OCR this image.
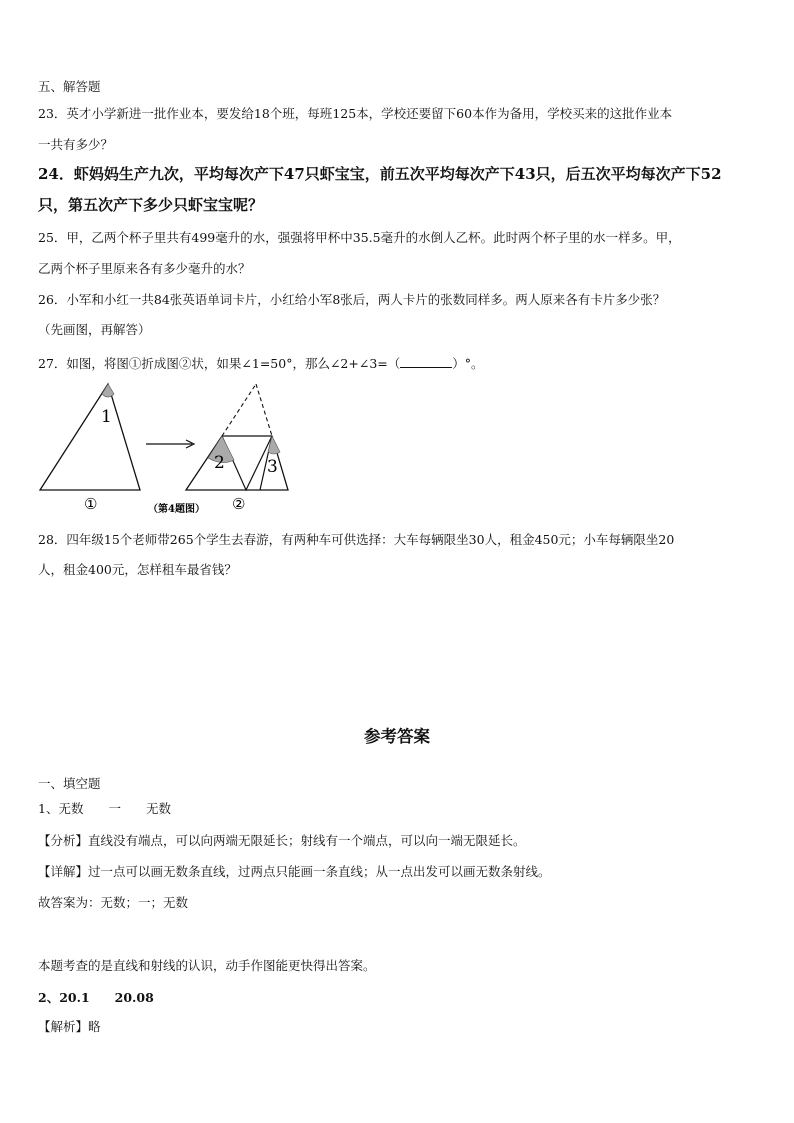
五、解答题
23．英才小学新进一批作业本，要发给18个班，每班125本，学校还要留下60本作为备用，学校买来的这批作业本
一共有多少？
24．虾妈妈生产九次，平均每次产下47只虾宝宝，前五次平均每次产下43只，后五次平均每次产下52
只，第五次产下多少只虾宝宝呢？
25．甲，乙两个杯子里共有499毫升的水，强强将甲杯中35.5毫升的水倒人乙杯。此时两个杯子里的水一样多。甲，
乙两个杯子里原来各有多少毫升的水？
26．小军和小红一共84张英语单词卡片，小红给小军8张后，两人卡片的张数同样多。两人原来各有卡片多少张？
（先画图，再解答）
27．如图，将图①折成图②状，如果∠1=50°，那么∠2+∠3=（	）°。
1
①
2 3
②
（第4题图）
28．四年级15个老师带265个学生去春游，有两种车可供选择：大车每辆限坐30人，租金450元；小车每辆限坐20
人，租金400元，怎样租车最省钱？
参考答案
一、填空题
1、无数　　一　　无数
【分析】直线没有端点，可以向两端无限延长；射线有一个端点，可以向一端无限延长。
【详解】过一点可以画无数条直线，过两点只能画一条直线；从一点出发可以画无数条射线。
故答案为：无数；一；无数
本题考查的是直线和射线的认识，动手作图能更快得出答案。
2、20.1　　20.08
【解析】略
